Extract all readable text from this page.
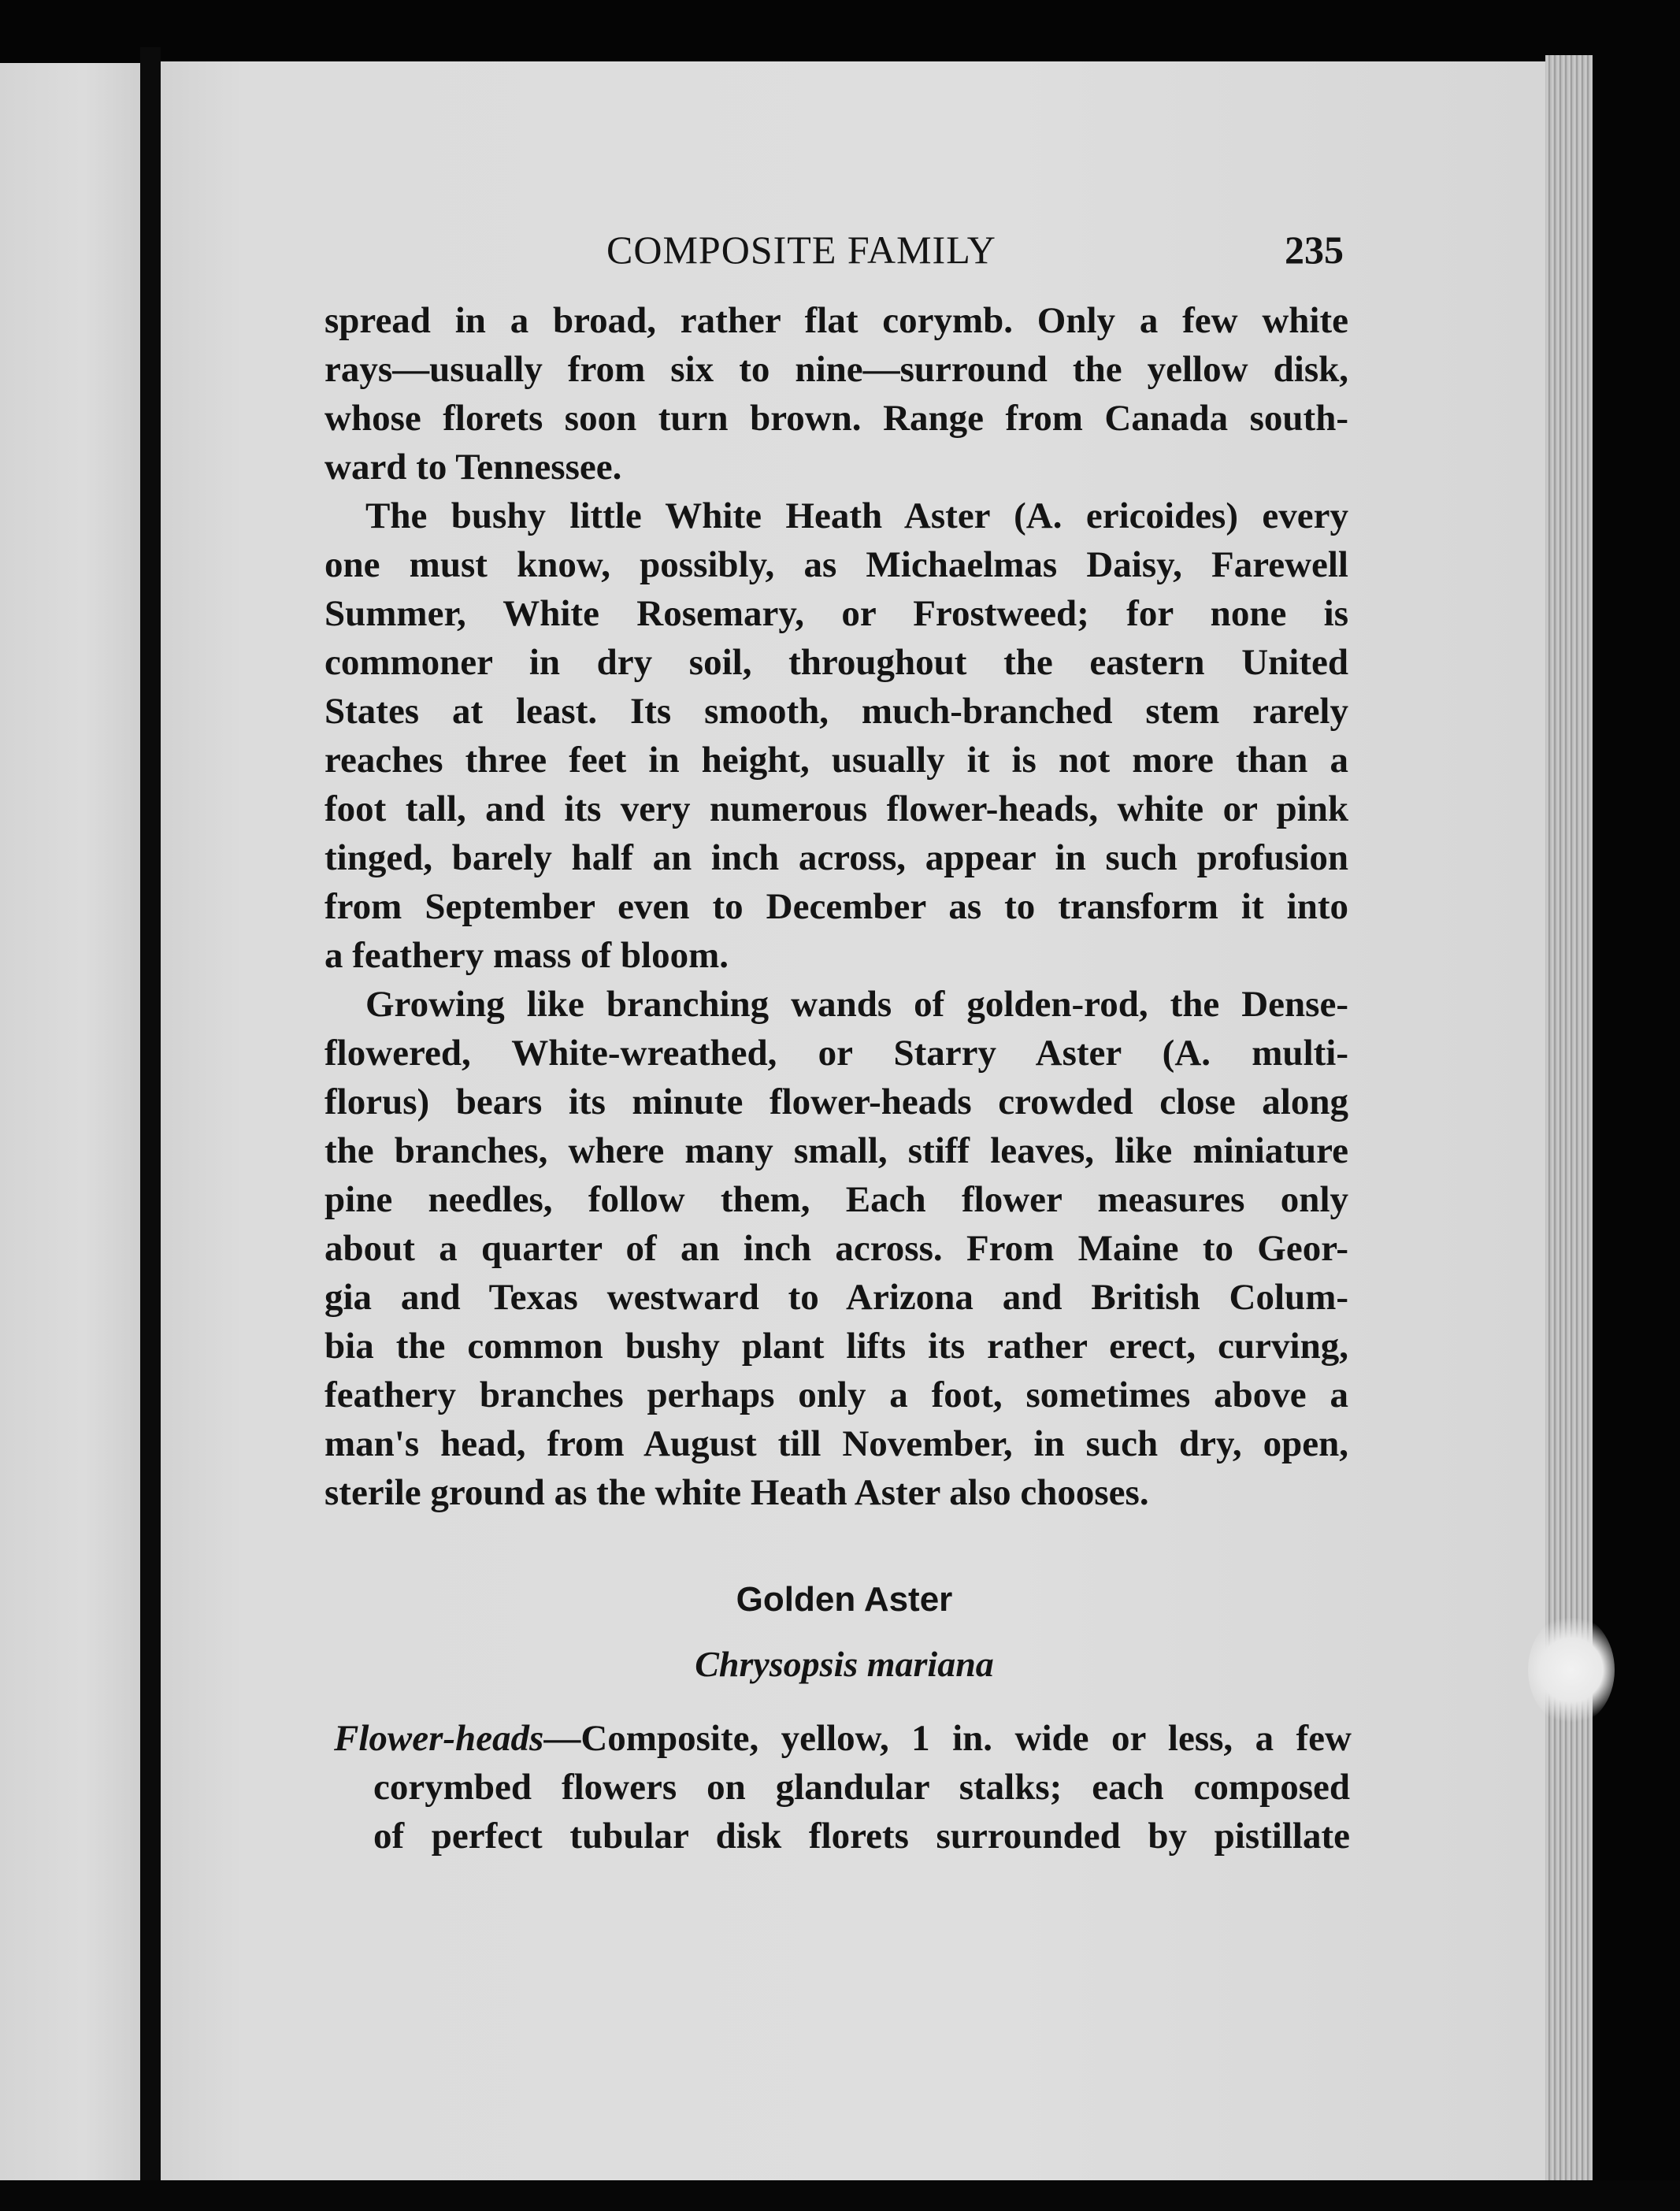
COMPOSITE FAMILY	235
spread in a broad, rather flat corymb. Only a few white
rays—usually from six to nine—surround the yellow disk,
whose florets soon turn brown. Range from Canada south-
ward to Tennessee.
The bushy little White Heath Aster (A. ericoides) every
one must know, possibly, as Michaelmas Daisy, Farewell
Summer, White Rosemary, or Frostweed; for none is
commoner in dry soil, throughout the eastern United
States at least. Its smooth, much-branched stem rarely
reaches three feet in height, usually it is not more than a
foot tall, and its very numerous flower-heads, white or pink
tinged, barely half an inch across, appear in such profusion
from September even to December as to transform it into
a feathery mass of bloom.
Growing like branching wands of golden-rod, the Dense-
flowered, White-wreathed, or Starry Aster (A. multi-
florus) bears its minute flower-heads crowded close along
the branches, where many small, stiff leaves, like miniature
pine needles, follow them, Each flower measures only
about a quarter of an inch across. From Maine to Geor-
gia and Texas westward to Arizona and British Colum-
bia the common bushy plant lifts its rather erect, curving,
feathery branches perhaps only a foot, sometimes above a
man's head, from August till November, in such dry, open,
sterile ground as the white Heath Aster also chooses.
Golden Aster
Chrysopsis mariana
Flower-heads—Composite, yellow, 1 in. wide or less, a few
corymbed flowers on glandular stalks; each composed
of perfect tubular disk florets surrounded by pistillate
